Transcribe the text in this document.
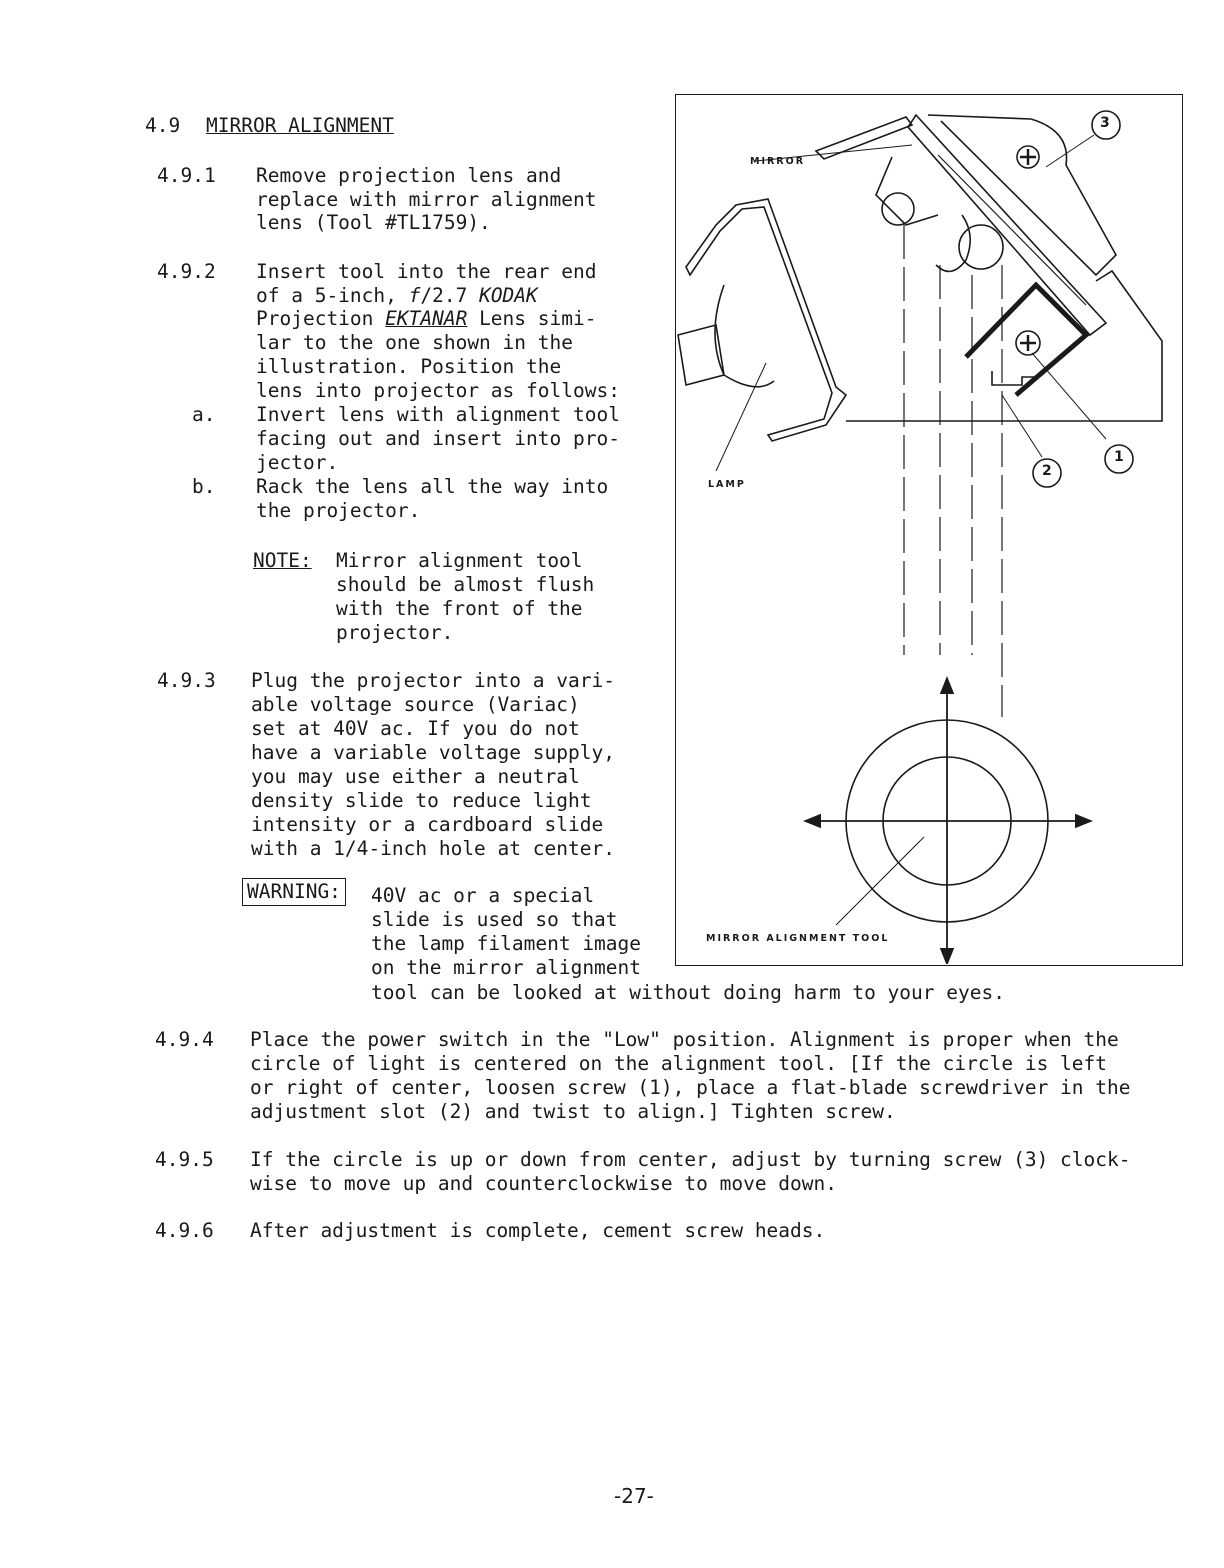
4.9 MIRROR ALIGNMENT
4.9.1 Remove projection lens and
replace with mirror alignment
lens (Tool #TL1759).
4.9.2 Insert tool into the rear end
of a 5-inch, f/2.7 KODAK
Projection EKTANAR Lens simi-
lar to the one shown in the
illustration. Position the
lens into projector as follows:
Invert lens with alignment tool
facing out and insert into pro-
jector.
Rack the lens all the way into
the projector.
a.
b.
NOTE: Mirror alignment tool
should be almost flush
with the front of the
projector.
4.9.3 Plug the projector into a vari-
able voltage source (Variac)
set at 40V ac. If you do not
have a variable voltage supply,
you may use either a neutral
density slide to reduce light
intensity or a cardboard slide
with a 1/4-inch hole at center.
WARNING: 40V ac or a special
slide is used so that
the lamp filament image
on the mirror alignment
tool can be looked at without doing harm to your eyes.
4.9.4 Place the power switch in the "Low" position. Alignment is proper when the
circle of light is centered on the alignment tool. [If the circle is left
or right of center, loosen screw (1), place a flat-blade screwdriver in the
adjustment slot (2) and twist to align.] Tighten screw.
4.9.5 If the circle is up or down from center, adjust by turning screw (3) clock-
wise to move up and counterclockwise to move down.
4.9.6 After adjustment is complete, cement screw heads.
MIRROR
LAMP
MIRROR ALIGNMENT TOOL
3
1
2
-27-
